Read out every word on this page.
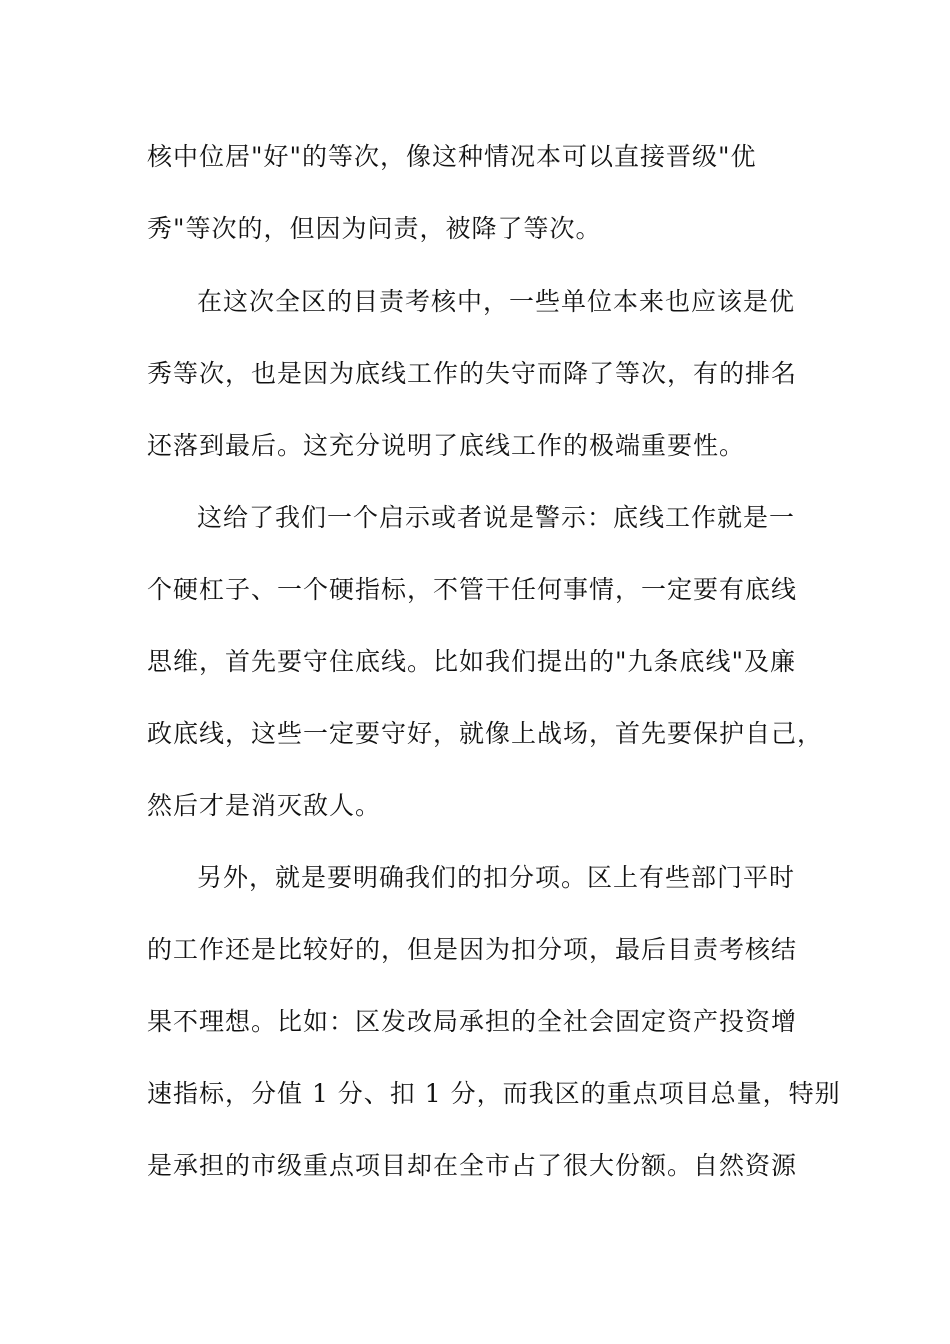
核中位居"好"的等次，像这种情况本可以直接晋级"优
秀"等次的，但因为问责，被降了等次。
在这次全区的目责考核中，一些单位本来也应该是优
秀等次，也是因为底线工作的失守而降了等次，有的排名
还落到最后。这充分说明了底线工作的极端重要性。
这给了我们一个启示或者说是警示：底线工作就是一
个硬杠子、一个硬指标，不管干任何事情，一定要有底线
思维，首先要守住底线。比如我们提出的"九条底线"及廉
政底线，这些一定要守好，就像上战场，首先要保护自己，
然后才是消灭敌人。
另外，就是要明确我们的扣分项。区上有些部门平时
的工作还是比较好的，但是因为扣分项，最后目责考核结
果不理想。比如：区发改局承担的全社会固定资产投资增
速指标，分值 1 分、扣 1 分，而我区的重点项目总量，特别
是承担的市级重点项目却在全市占了很大份额。自然资源
